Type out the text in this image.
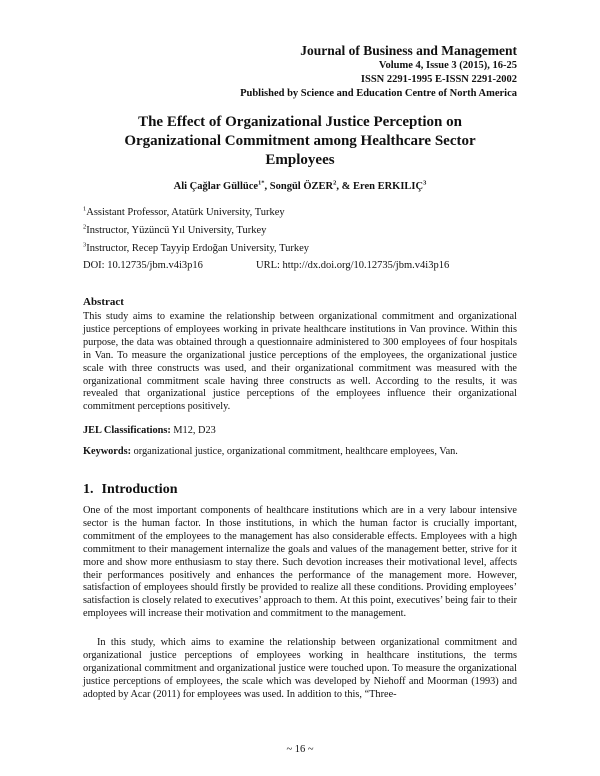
Journal of Business and Management
Volume 4, Issue 3 (2015), 16-25
ISSN 2291-1995 E-ISSN 2291-2002
Published by Science and Education Centre of North America
The Effect of Organizational Justice Perception on
Organizational Commitment among Healthcare Sector
Employees
Ali Çağlar Güllüce$^{1*}$, Songül ÖZER$^2$, & Eren ERKILIÇ$^3$
$^1$Assistant Professor, Atatürk University, Turkey
$^2$Instructor, Yüzüncü Yıl University, Turkey
$^3$Instructor, Recep Tayyip Erdoğan University, Turkey
DOI: 10.12735/jbm.v4i3p16	URL: http://dx.doi.org/10.12735/jbm.v4i3p16
Abstract
This study aims to examine the relationship between organizational commitment and organizational justice perceptions of employees working in private healthcare institutions in Van province. Within this purpose, the data was obtained through a questionnaire administered to 300 employees of four hospitals in Van. To measure the organizational justice perceptions of the employees, the organizational justice scale with three constructs was used, and their organizational commitment was measured with the organizational commitment scale having three constructs as well. According to the results, it was revealed that organizational justice perceptions of the employees influence their organizational commitment perceptions positively.
JEL Classifications: M12, D23
Keywords: organizational justice, organizational commitment, healthcare employees, Van.
1. Introduction
One of the most important components of healthcare institutions which are in a very labour intensive sector is the human factor. In those institutions, in which the human factor is crucially important, commitment of the employees to the management has also considerable effects. Employees with a high commitment to their management internalize the goals and values of the management better, strive for it more and show more enthusiasm to stay there. Such devotion increases their motivational level, affects their performances positively and enhances the performance of the management more. However, satisfaction of employees should firstly be provided to realize all these conditions. Providing employees’ satisfaction is closely related to executives’ approach to them. At this point, executives’ being fair to their employees will increase their motivation and commitment to the management.
In this study, which aims to examine the relationship between organizational commitment and organizational justice perceptions of employees working in healthcare institutions, the terms organizational commitment and organizational justice were touched upon. To measure the organizational justice perceptions of employees, the scale which was developed by Niehoff and Moorman (1993) and adopted by Acar (2011) for employees was used. In addition to this, “Three-
~ 16 ~
